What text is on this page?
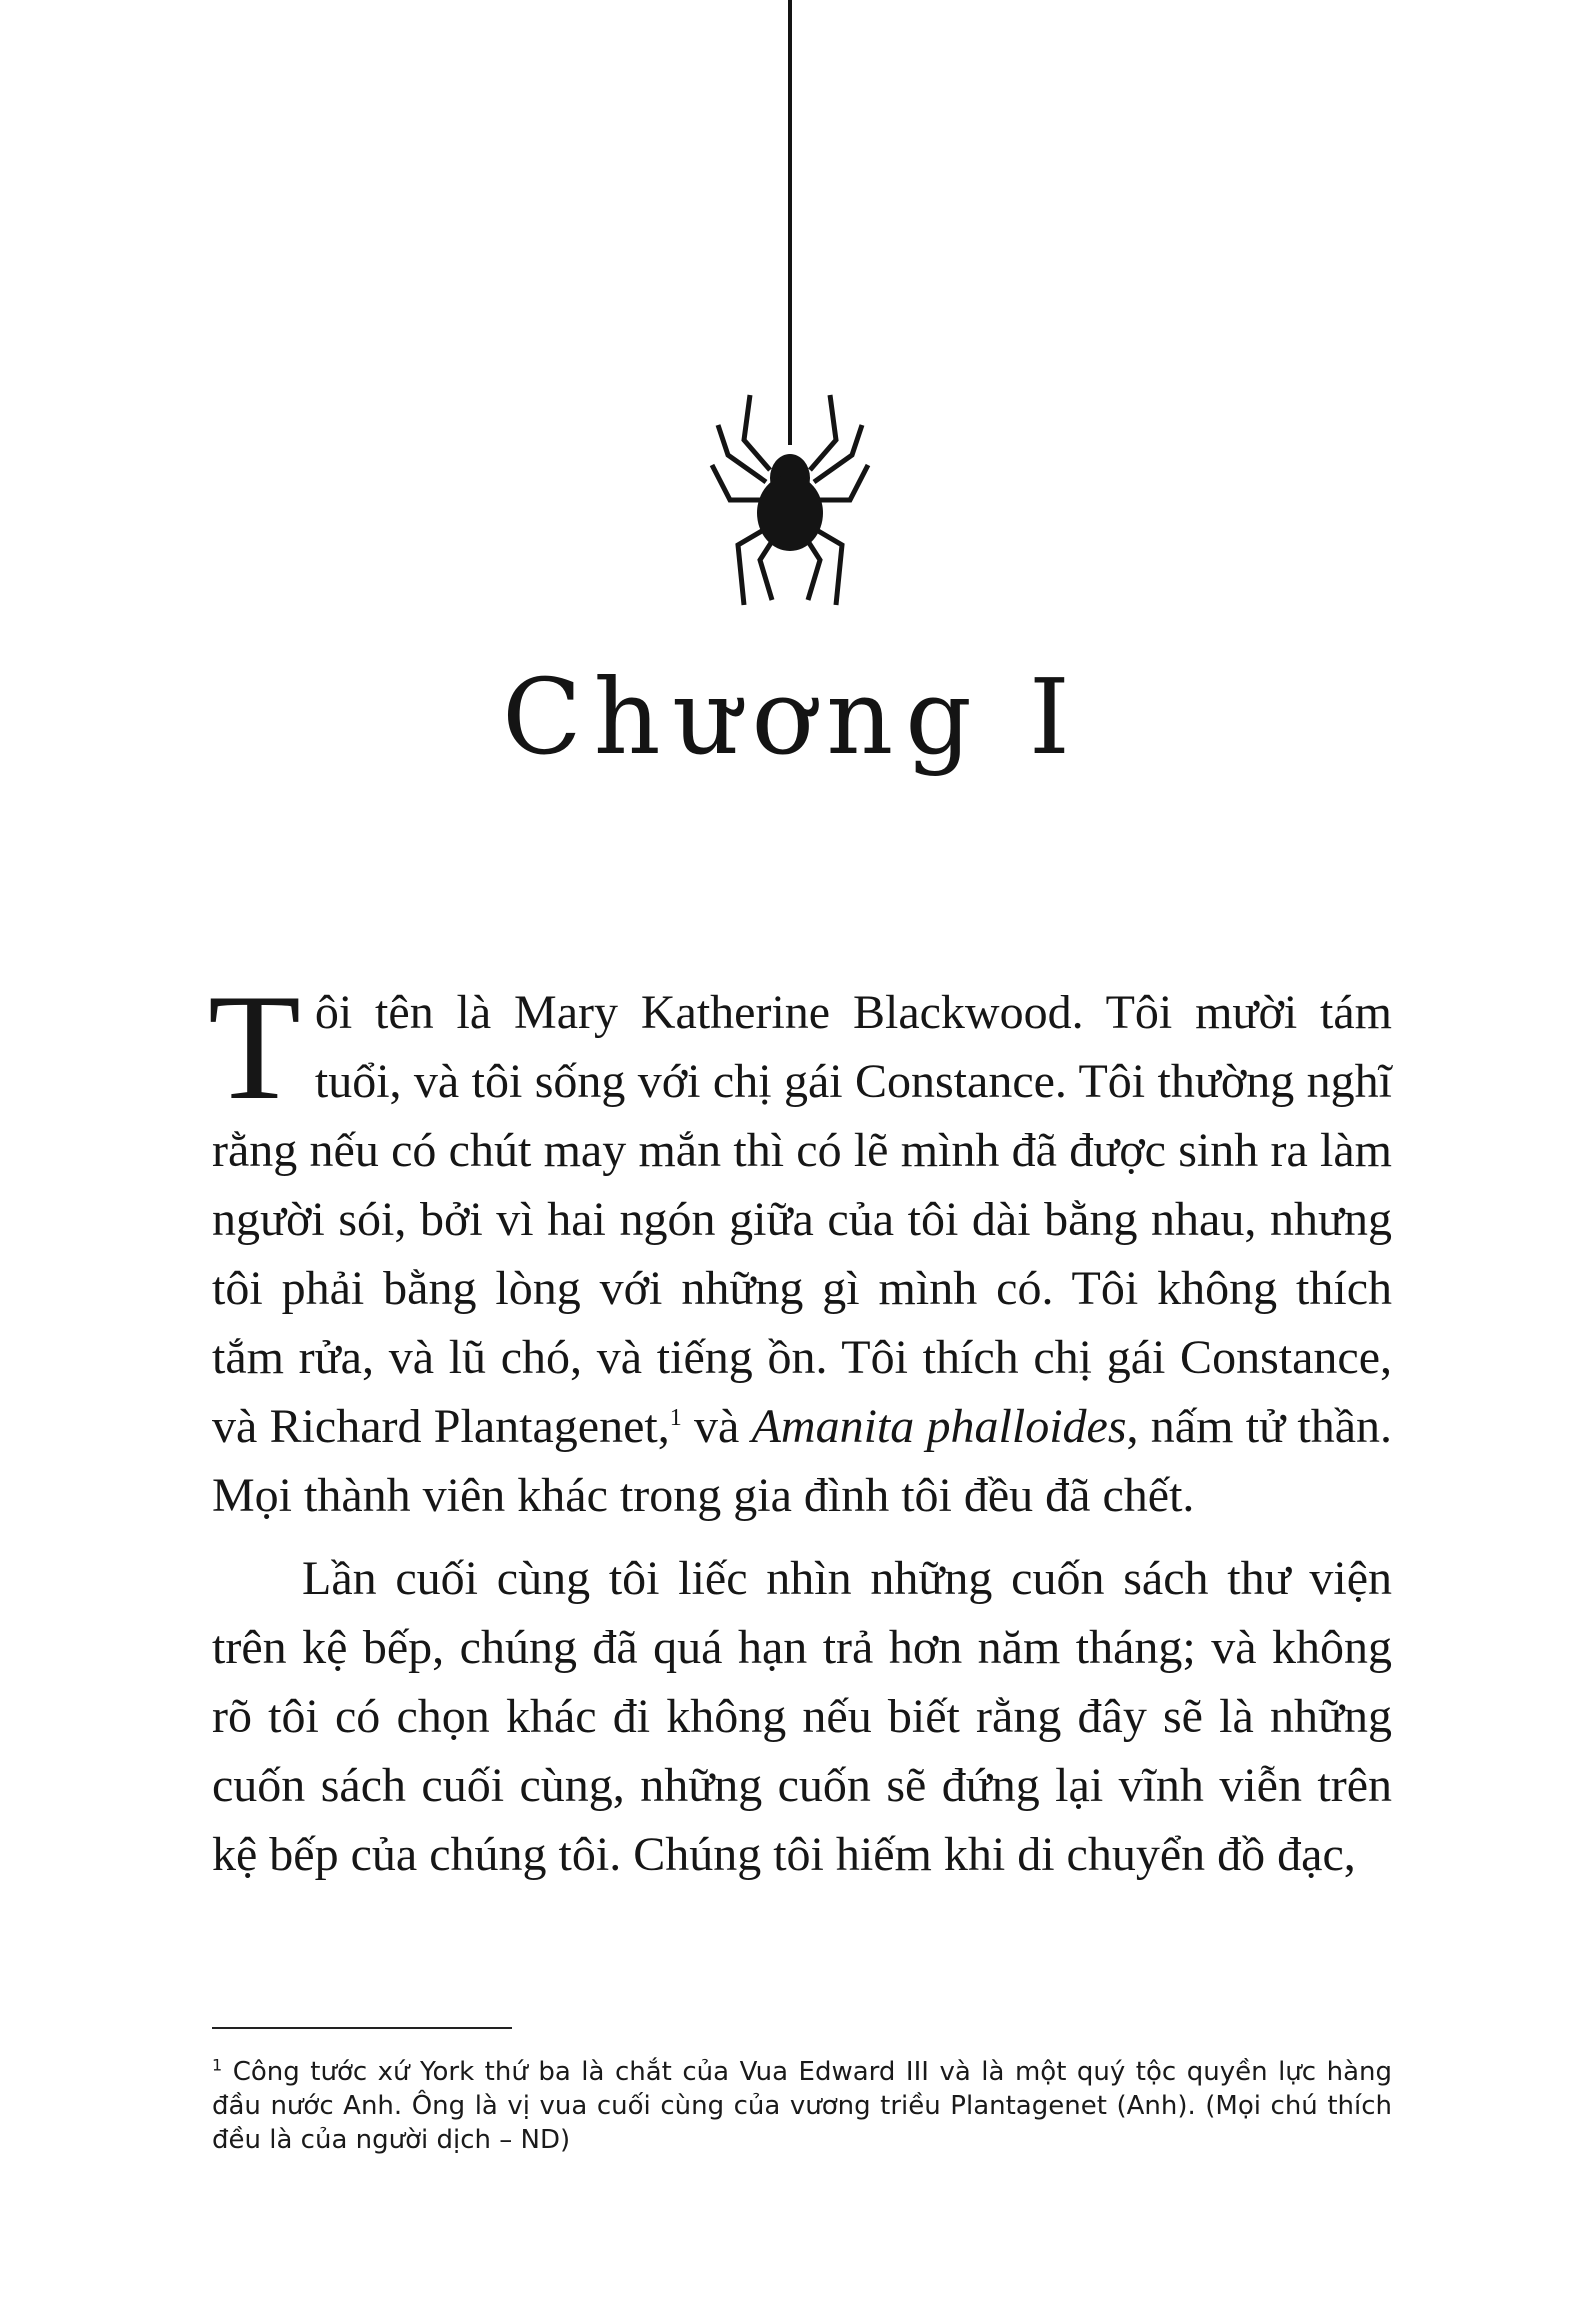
Chương I

Tôi tên là Mary Katherine Blackwood. Tôi mười tám tuổi, và tôi sống với chị gái Constance. Tôi thường nghĩ rằng nếu có chút may mắn thì có lẽ mình đã được sinh ra làm người sói, bởi vì hai ngón giữa của tôi dài bằng nhau, nhưng tôi phải bằng lòng với những gì mình có. Tôi không thích tắm rửa, và lũ chó, và tiếng ồn. Tôi thích chị gái Constance, và Richard Plantagenet,$^1$ và Amanita phalloides, nấm tử thần. Mọi thành viên khác trong gia đình tôi đều đã chết.

Lần cuối cùng tôi liếc nhìn những cuốn sách thư viện trên kệ bếp, chúng đã quá hạn trả hơn năm tháng; và không rõ tôi có chọn khác đi không nếu biết rằng đây sẽ là những cuốn sách cuối cùng, những cuốn sẽ đứng lại vĩnh viễn trên kệ bếp của chúng tôi. Chúng tôi hiếm khi di chuyển đồ đạc,

$^1$ Công tước xứ York thứ ba là chắt của Vua Edward III và là một quý tộc quyền lực hàng đầu nước Anh. Ông là vị vua cuối cùng của vương triều Plantagenet (Anh). (Mọi chú thích đều là của người dịch – ND)
